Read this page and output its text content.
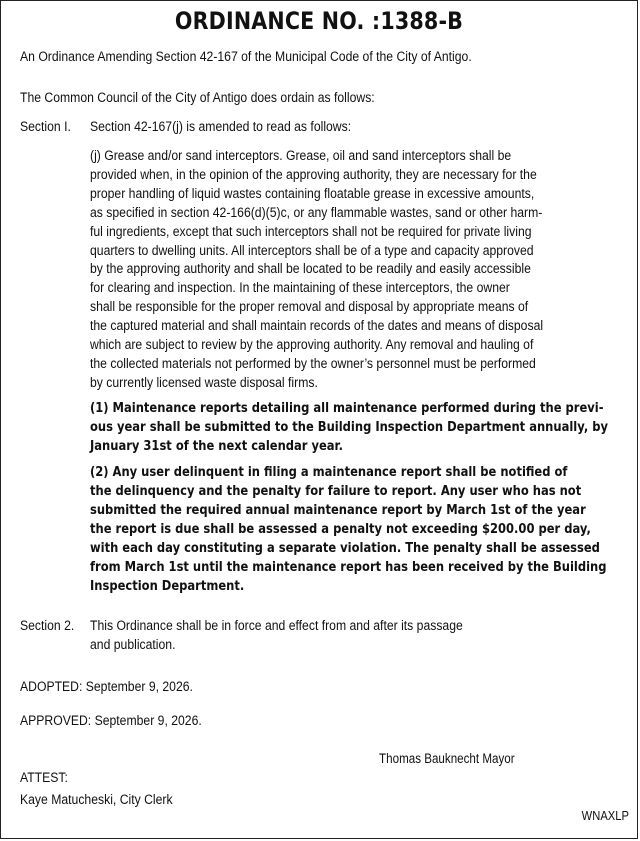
ORDINANCE NO. :1388-B
An Ordinance Amending Section 42-167 of the Municipal Code of the City of Antigo.
The Common Council of the City of Antigo does ordain as follows:
Section I. Section 42-167(j) is amended to read as follows:
(j) Grease and/or sand interceptors. Grease, oil and sand interceptors shall be
provided when, in the opinion of the approving authority, they are necessary for the
proper handling of liquid wastes containing floatable grease in excessive amounts,
as specified in section 42-166(d)(5)c, or any flammable wastes, sand or other harm-
ful ingredients, except that such interceptors shall not be required for private living
quarters to dwelling units. All interceptors shall be of a type and capacity approved
by the approving authority and shall be located to be readily and easily accessible
for clearing and inspection. In the maintaining of these interceptors, the owner
shall be responsible for the proper removal and disposal by appropriate means of
the captured material and shall maintain records of the dates and means of disposal
which are subject to review by the approving authority. Any removal and hauling of
the collected materials not performed by the owner’s personnel must be performed
by currently licensed waste disposal firms.
(1) Maintenance reports detailing all maintenance performed during the previ-
ous year shall be submitted to the Building Inspection Department annually, by
January 31st of the next calendar year.
(2) Any user delinquent in filing a maintenance report shall be notified of
the delinquency and the penalty for failure to report. Any user who has not
submitted the required annual maintenance report by March 1st of the year
the report is due shall be assessed a penalty not exceeding $200.00 per day,
with each day constituting a separate violation. The penalty shall be assessed
from March 1st until the maintenance report has been received by the Building
Inspection Department.
Section 2. This Ordinance shall be in force and effect from and after its passage
and publication.
ADOPTED: September 9, 2026.
APPROVED: September 9, 2026.
Thomas Bauknecht Mayor
ATTEST:
Kaye Matucheski, City Clerk
WNAXLP
